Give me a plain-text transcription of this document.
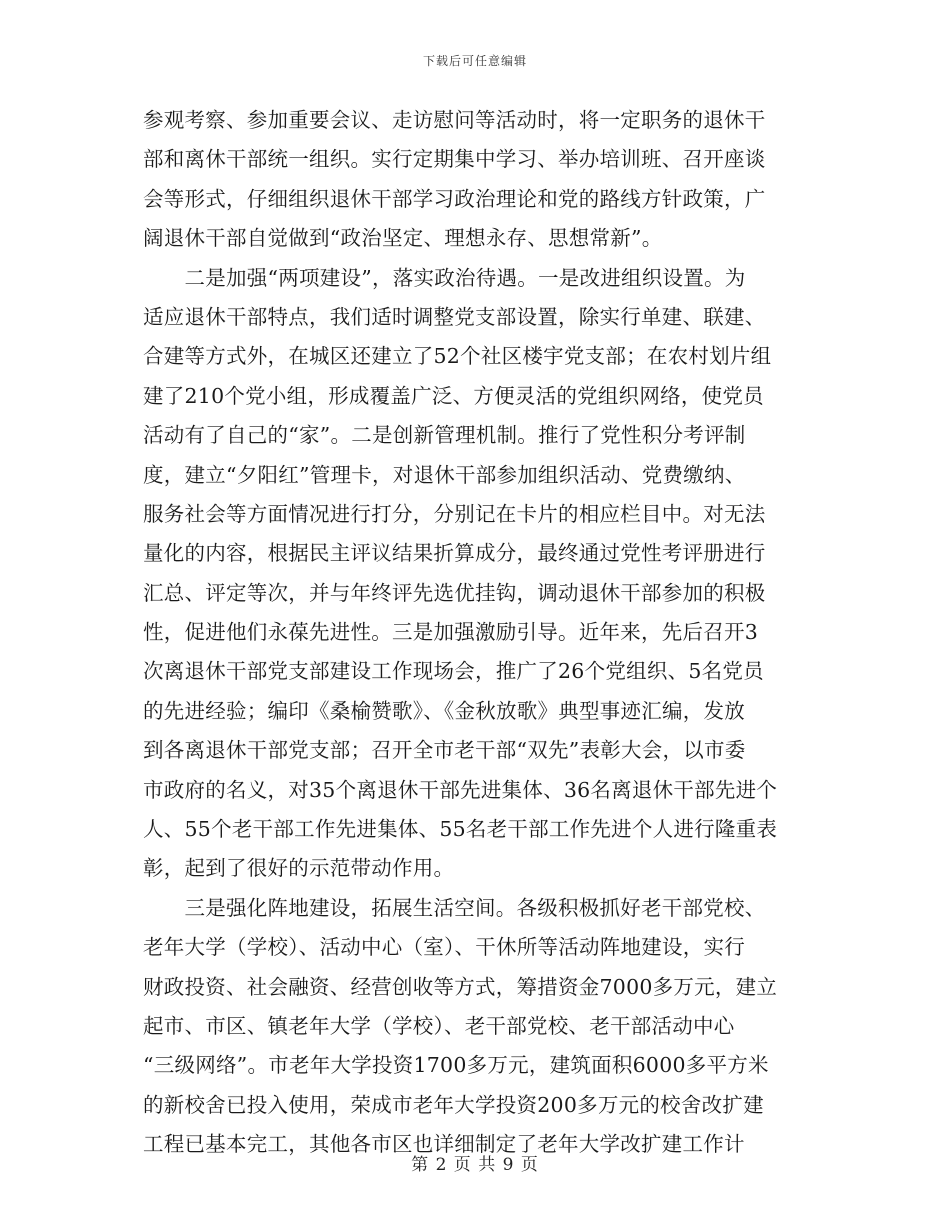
下载后可任意编辑
参观考察、参加重要会议、走访慰问等活动时，将一定职务的退休干
部和离休干部统一组织。实行定期集中学习、举办培训班、召开座谈
会等形式，仔细组织退休干部学习政治理论和党的路线方针政策，广
阔退休干部自觉做到“政治坚定、理想永存、思想常新”。
　　二是加强“两项建设”，落实政治待遇。一是改进组织设置。为
适应退休干部特点，我们适时调整党支部设置，除实行单建、联建、
合建等方式外，在城区还建立了52个社区楼宇党支部；在农村划片组
建了210个党小组，形成覆盖广泛、方便灵活的党组织网络，使党员
活动有了自己的“家”。二是创新管理机制。推行了党性积分考评制
度，建立“夕阳红”管理卡，对退休干部参加组织活动、党费缴纳、
服务社会等方面情况进行打分，分别记在卡片的相应栏目中。对无法
量化的内容，根据民主评议结果折算成分，最终通过党性考评册进行
汇总、评定等次，并与年终评先选优挂钩，调动退休干部参加的积极
性，促进他们永葆先进性。三是加强激励引导。近年来，先后召开3
次离退休干部党支部建设工作现场会，推广了26个党组织、5名党员
的先进经验；编印《桑榆赞歌》、《金秋放歌》典型事迹汇编，发放
到各离退休干部党支部；召开全市老干部“双先”表彰大会，以市委
市政府的名义，对35个离退休干部先进集体、36名离退休干部先进个
人、55个老干部工作先进集体、55名老干部工作先进个人进行隆重表
彰，起到了很好的示范带动作用。
　　三是强化阵地建设，拓展生活空间。各级积极抓好老干部党校、
老年大学（学校）、活动中心（室）、干休所等活动阵地建设，实行
财政投资、社会融资、经营创收等方式，筹措资金7000多万元，建立
起市、市区、镇老年大学（学校）、老干部党校、老干部活动中心
“三级网络”。市老年大学投资1700多万元，建筑面积6000多平方米
的新校舍已投入使用，荣成市老年大学投资200多万元的校舍改扩建
工程已基本完工，其他各市区也详细制定了老年大学改扩建工作计
第 2 页 共 9 页
